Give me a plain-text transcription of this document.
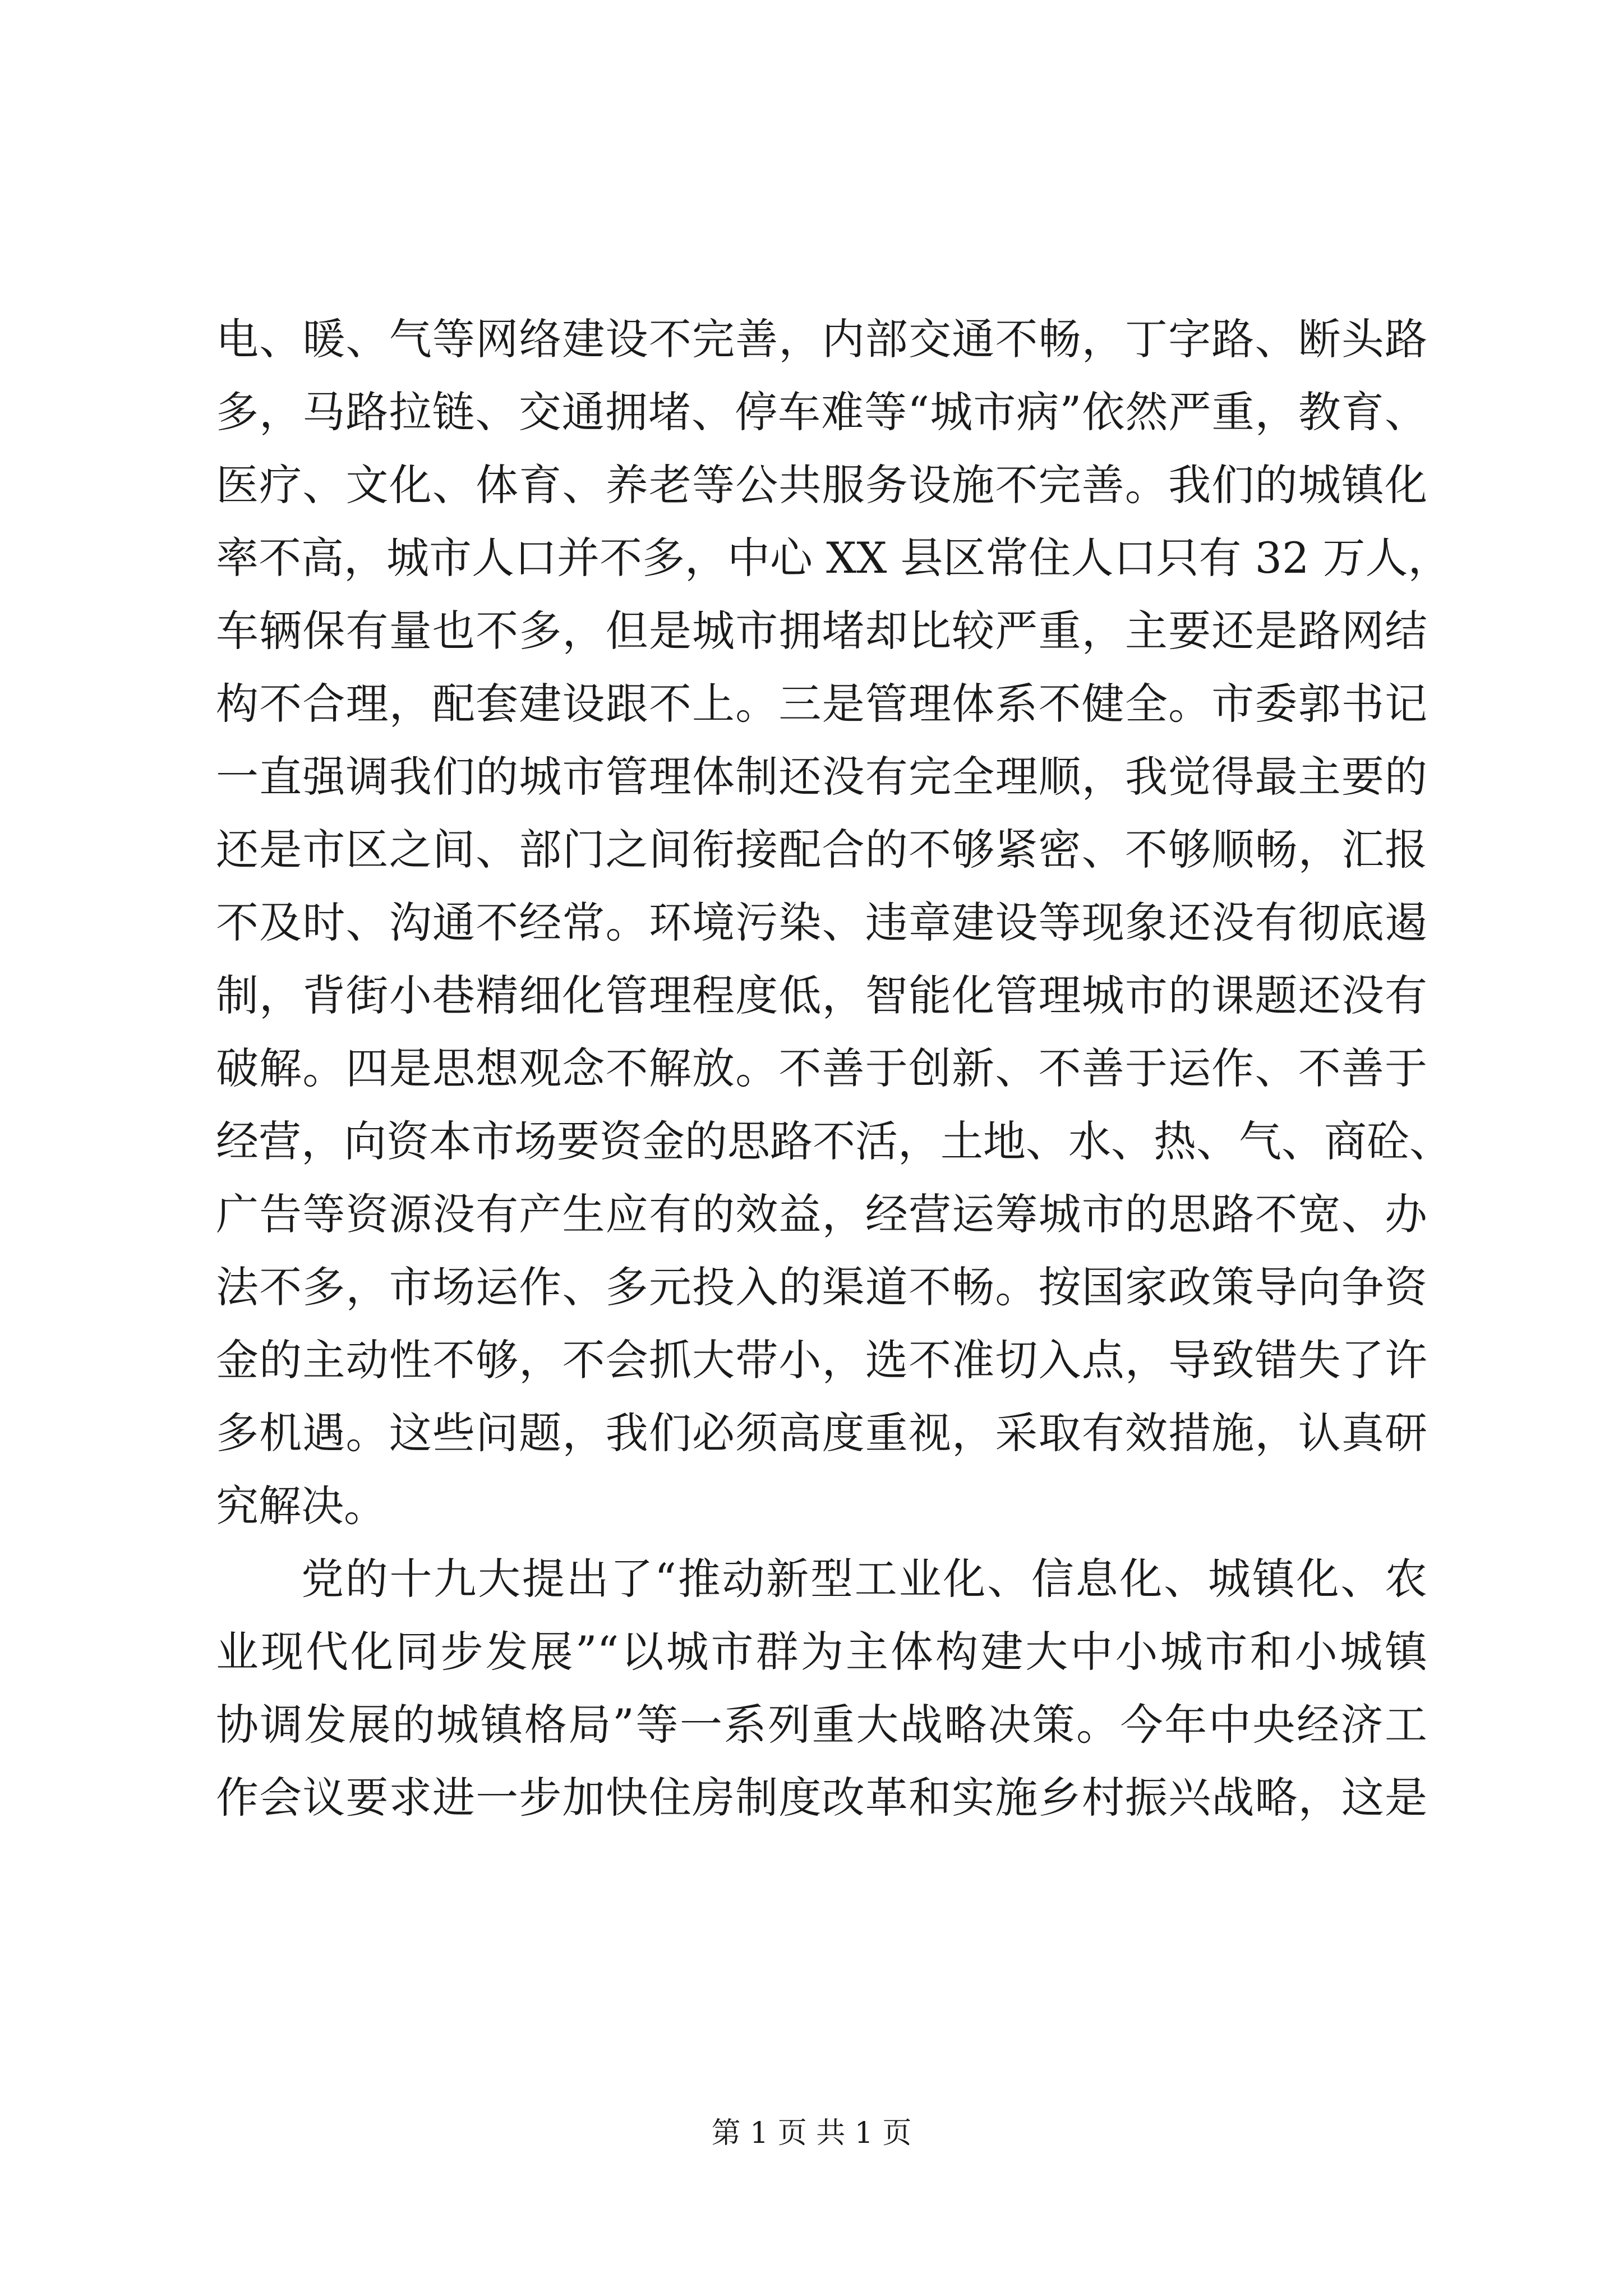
电、暖、气等网络建设不完善，内部交通不畅，丁字路、断头路
多，马路拉链、交通拥堵、停车难等“城市病”依然严重，教育、
医疗、文化、体育、养老等公共服务设施不完善。我们的城镇化
率不高，城市人口并不多，中心 XX 县区常住人口只有 32 万人，
车辆保有量也不多，但是城市拥堵却比较严重，主要还是路网结
构不合理，配套建设跟不上。三是管理体系不健全。市委郭书记
一直强调我们的城市管理体制还没有完全理顺，我觉得最主要的
还是市区之间、部门之间衔接配合的不够紧密、不够顺畅，汇报
不及时、沟通不经常。环境污染、违章建设等现象还没有彻底遏
制，背街小巷精细化管理程度低，智能化管理城市的课题还没有
破解。四是思想观念不解放。不善于创新、不善于运作、不善于
经营，向资本市场要资金的思路不活，土地、水、热、气、商砼、
广告等资源没有产生应有的效益，经营运筹城市的思路不宽、办
法不多，市场运作、多元投入的渠道不畅。按国家政策导向争资
金的主动性不够，不会抓大带小，选不准切入点，导致错失了许
多机遇。这些问题，我们必须高度重视，采取有效措施，认真研
究解决。
党的十九大提出了“推动新型工业化、信息化、城镇化、农
业现代化同步发展”“以城市群为主体构建大中小城市和小城镇
协调发展的城镇格局”等一系列重大战略决策。今年中央经济工
作会议要求进一步加快住房制度改革和实施乡村振兴战略，这是
第 1 页 共 1 页
